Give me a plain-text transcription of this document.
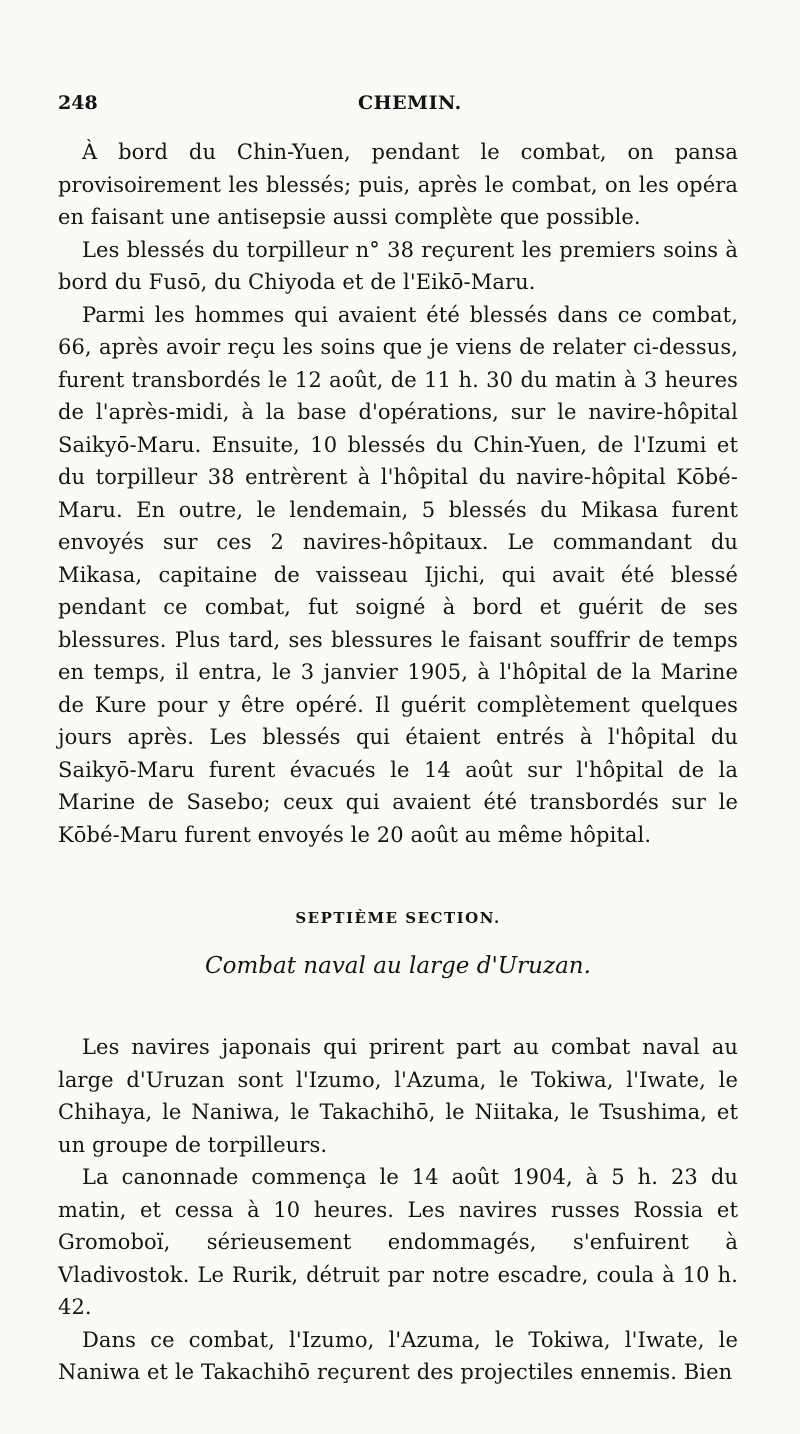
248	CHEMIN.

À bord du Chin-Yuen, pendant le combat, on pansa provisoirement les blessés; puis, après le combat, on les opéra en faisant une antisepsie aussi complète que possible.

Les blessés du torpilleur n° 38 reçurent les premiers soins à bord du Fusō, du Chiyoda et de l'Eikō-Maru.

Parmi les hommes qui avaient été blessés dans ce combat, 66, après avoir reçu les soins que je viens de relater ci-dessus, furent transbordés le 12 août, de 11 h. 30 du matin à 3 heures de l'après-midi, à la base d'opérations, sur le navire-hôpital Saikyō-Maru. Ensuite, 10 blessés du Chin-Yuen, de l'Izumi et du torpilleur 38 entrèrent à l'hôpital du navire-hôpital Kōbé-Maru. En outre, le lendemain, 5 blessés du Mikasa furent envoyés sur ces 2 navires-hôpitaux. Le commandant du Mikasa, capitaine de vaisseau Ijichi, qui avait été blessé pendant ce combat, fut soigné à bord et guérit de ses blessures. Plus tard, ses blessures le faisant souffrir de temps en temps, il entra, le 3 janvier 1905, à l'hôpital de la Marine de Kure pour y être opéré. Il guérit complètement quelques jours après. Les blessés qui étaient entrés à l'hôpital du Saikyō-Maru furent évacués le 14 août sur l'hôpital de la Marine de Sasebo; ceux qui avaient été transbordés sur le Kōbé-Maru furent envoyés le 20 août au même hôpital.

SEPTIÈME SECTION.
Combat naval au large d'Uruzan.

Les navires japonais qui prirent part au combat naval au large d'Uruzan sont l'Izumo, l'Azuma, le Tokiwa, l'Iwate, le Chihaya, le Naniwa, le Takachihō, le Niitaka, le Tsushima, et un groupe de torpilleurs.

La canonnade commença le 14 août 1904, à 5 h. 23 du matin, et cessa à 10 heures. Les navires russes Rossia et Gromoboï, sérieusement endommagés, s'enfuirent à Vladivostok. Le Rurik, détruit par notre escadre, coula à 10 h. 42.

Dans ce combat, l'Izumo, l'Azuma, le Tokiwa, l'Iwate, le Naniwa et le Takachihō reçurent des projectiles ennemis. Bien
